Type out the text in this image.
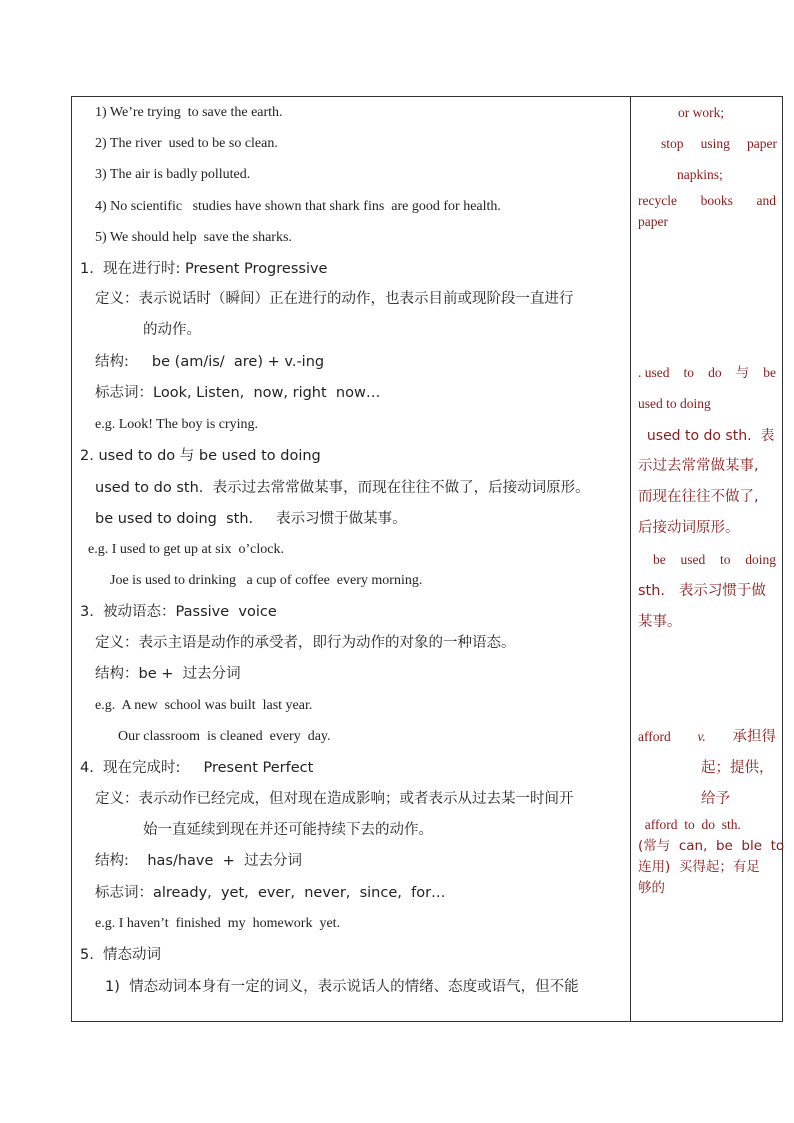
1) We’re trying  to save the earth.
2) The river  used to be so clean.
3) The air is badly polluted.
4) No scientific   studies have shown that shark fins  are good for health.
5) We should help  save the sharks.
1.  现在进行时: Present Progressive
定义：表示说话时（瞬间）正在进行的动作，也表示目前或现阶段一直进行
的动作。
结构:     be (am/is/  are) + v.-ing
标志词：Look, Listen,  now, right  now…
e.g. Look! The boy is crying.
2. used to do 与 be used to doing
used to do sth.  表示过去常常做某事，而现在往往不做了，后接动词原形。
be used to doing  sth.     表示习惯于做某事。
e.g. I used to get up at six  o’clock.
Joe is used to drinking   a cup of coffee  every morning.
3.  被动语态：Passive  voice
定义：表示主语是动作的承受者，即行为动作的对象的一种语态。
结构：be +  过去分词
e.g.  A new  school was built  last year.
Our classroom  is cleaned  every  day.
4.  现在完成时:     Present Perfect
定义：表示动作已经完成，但对现在造成影响；或者表示从过去某一时间开
始一直延续到现在并还可能持续下去的动作。
结构:    has/have  +  过去分词
标志词：already,  yet,  ever,  never,  since,  for…
e.g. I haven’t  finished  my  homework  yet.
5.  情态动词
1)  情态动词本身有一定的词义，表示说话人的情绪、态度或语气，但不能
or work;
stop using paper
napkins;
recycle books and
paper
. used to do 与 be
used to doing
used to do sth.  表
示过去常常做某事,
而现在往往不做了,
后接动词原形。
be used to doing
sth.   表示习惯于做
某事。
afford v. 承担得
起；提供，
给予
afford  to  do  sth.
(常与  can,  be  ble  to
连用)  买得起；有足
够的
